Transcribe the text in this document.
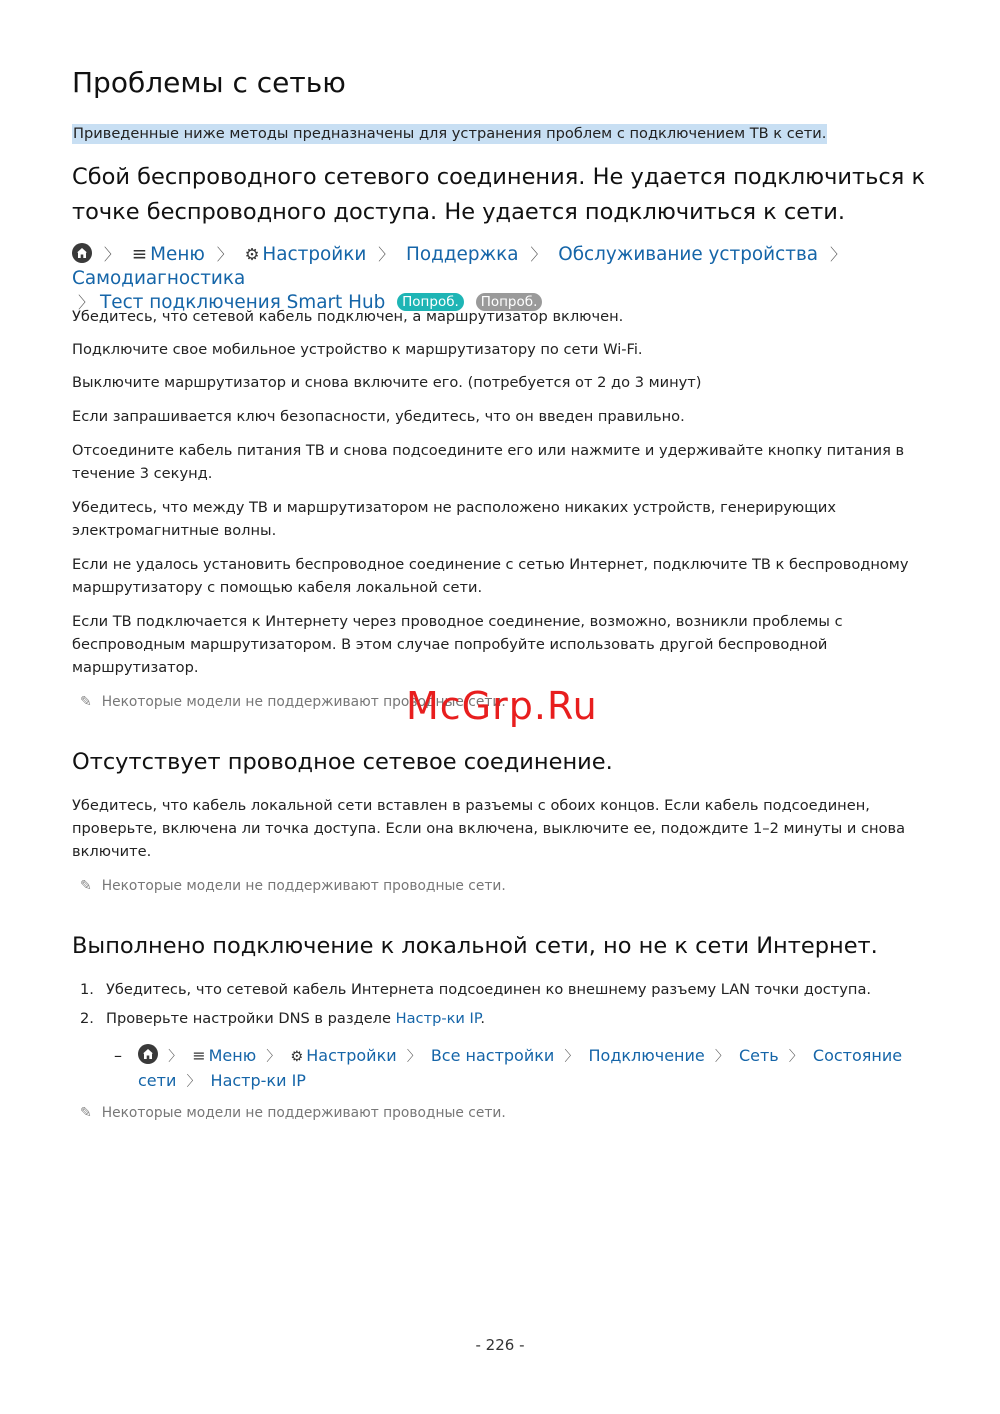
Проблемы с сетью

Приведенные ниже методы предназначены для устранения проблем с подключением ТВ к сети.

Сбой беспроводного сетевого соединения. Не удается подключиться к точке беспроводного доступа. Не удается подключиться к сети.
〉 ≡ Меню 〉 ⚙ Настройки 〉 Поддержка 〉 Обслуживание устройства 〉 Самодиагностика
〉 Тест подключения Smart Hub Попроб. Попроб.

Убедитесь, что сетевой кабель подключен, а маршрутизатор включен.

Подключите свое мобильное устройство к маршрутизатору по сети Wi-Fi.

Выключите маршрутизатор и снова включите его. (потребуется от 2 до 3 минут)

Если запрашивается ключ безопасности, убедитесь, что он введен правильно.

Отсоедините кабель питания ТВ и снова подсоедините его или нажмите и удерживайте кнопку питания в течение 3 секунд.

Убедитесь, что между ТВ и маршрутизатором не расположено никаких устройств, генерирующих электромагнитные волны.

Если не удалось установить беспроводное соединение с сетью Интернет, подключите ТВ к беспроводному маршрутизатору с помощью кабеля локальной сети.

Если ТВ подключается к Интернету через проводное соединение, возможно, возникли проблемы с беспроводным маршрутизатором. В этом случае попробуйте использовать другой беспроводной маршрутизатор.

✎ Некоторые модели не поддерживают проводные сети.

McGrp.Ru
Отсутствует проводное сетевое соединение.

Убедитесь, что кабель локальной сети вставлен в разъемы с обоих концов. Если кабель подсоединен, проверьте, включена ли точка доступа. Если она включена, выключите ее, подождите 1–2 минуты и снова включите.

✎ Некоторые модели не поддерживают проводные сети.

Выполнено подключение к локальной сети, но не к сети Интернет.
1. Убедитесь, что сетевой кабель Интернета подсоединен ко внешнему разъему LAN точки доступа.
2. Проверьте настройки DNS в разделе Настр-ки IP.
–	〉 ≡ Меню 〉 ⚙ Настройки 〉 Все настройки 〉 Подключение 〉 Сеть 〉 Состояние сети 〉 Настр-ки IP

✎ Некоторые модели не поддерживают проводные сети.

- 226 -
